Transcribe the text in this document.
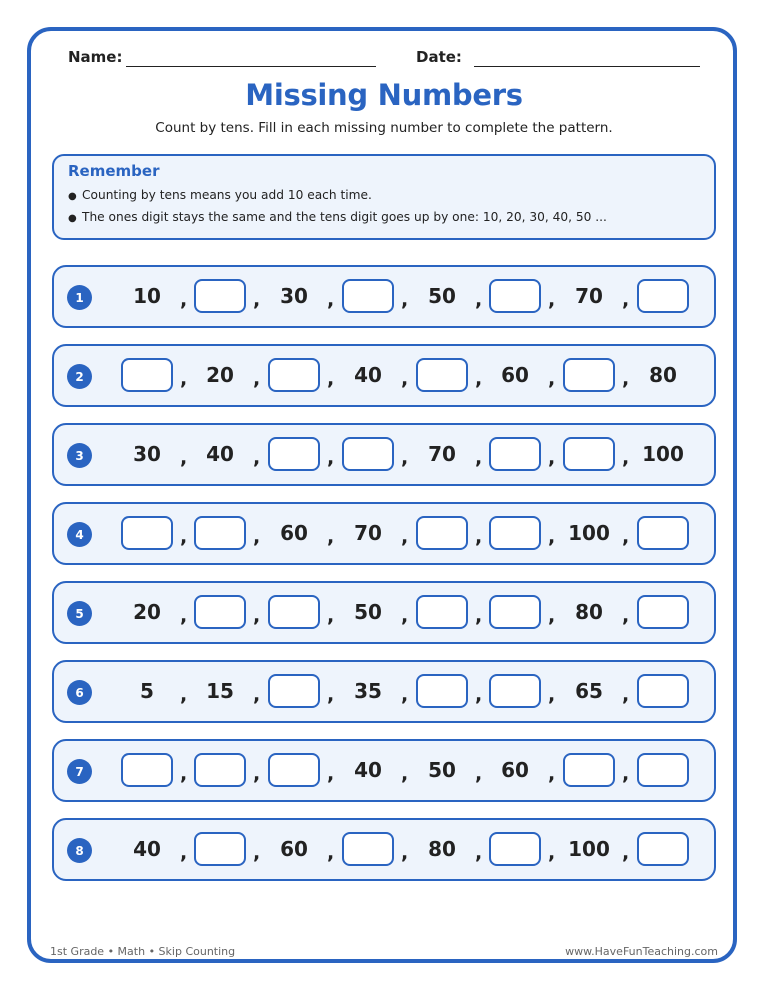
Name:	Date:
Missing Numbers
Count by tens. Fill in each missing number to complete the pattern.
Remember
● Counting by tens means you add 10 each time.
● The ones digit stays the same and the tens digit goes up by one: 10, 20, 30, 40, 50 ...
1	10	,	, 30	,	, 50	,	, 70	,
2	, 20	,	, 40	,	, 60	,	, 80
3	30	, 40	,	,	, 70	,	,	, 100
4	,	, 60	, 70	,	,	, 100 ,
5	20	,	,	, 50	,	,	, 80	,
6	5	, 15	,	, 35	,	,	, 65	,
7	,	,	, 40	, 50	, 60	,	,
8	40	,	, 60	,	, 80	,	, 100 ,
1st Grade • Math • Skip Counting	www.HaveFunTeaching.com
